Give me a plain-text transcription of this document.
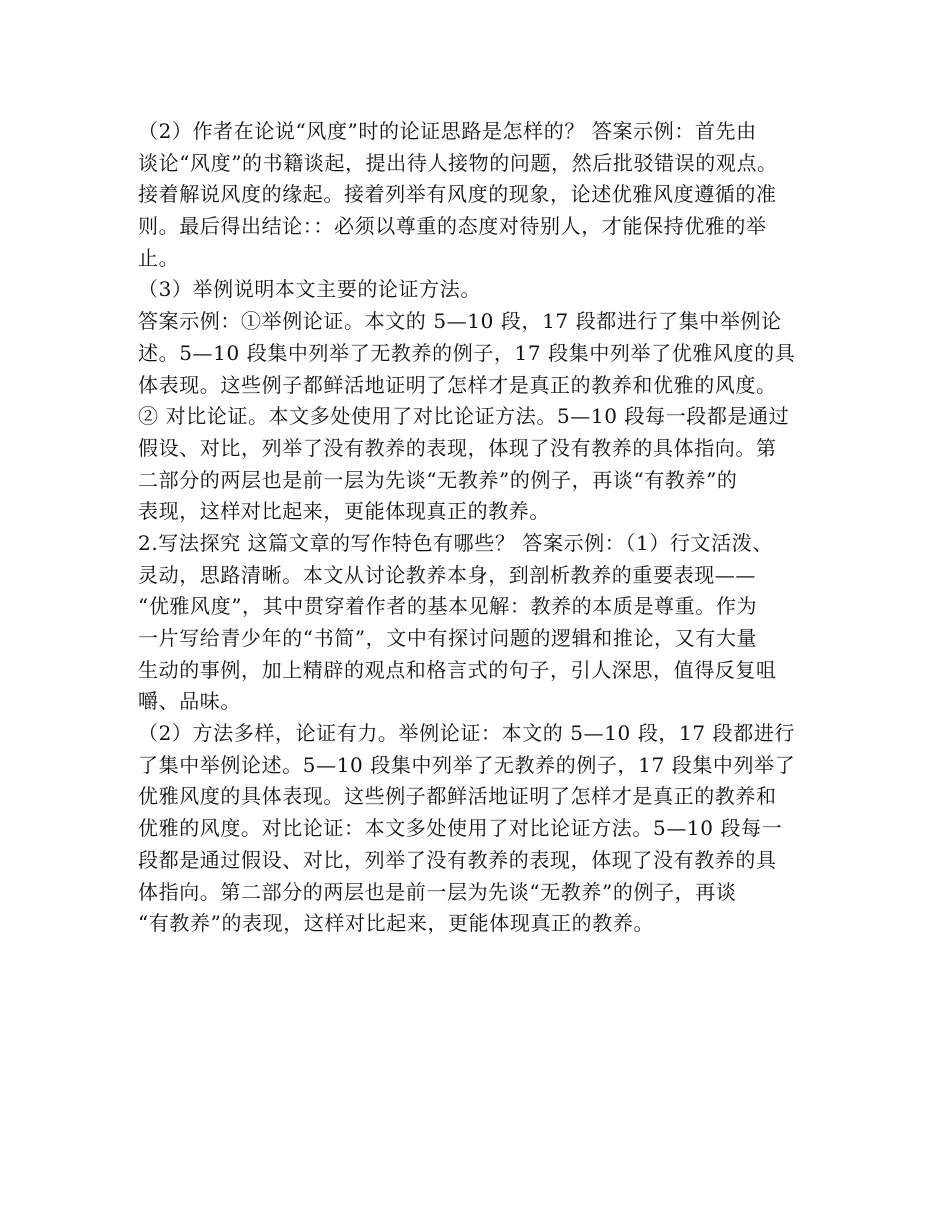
（2）作者在论说“风度”时的论证思路是怎样的？ 答案示例：首先由
谈论“风度”的书籍谈起，提出待人接物的问题，然后批驳错误的观点。
接着解说风度的缘起。接着列举有风度的现象，论述优雅风度遵循的准
则。最后得出结论：：必须以尊重的态度对待别人，才能保持优雅的举
止。
（3）举例说明本文主要的论证方法。
答案示例：①举例论证。本文的 5—10 段，17 段都进行了集中举例论
述。5—10 段集中列举了无教养的例子，17 段集中列举了优雅风度的具
体表现。这些例子都鲜活地证明了怎样才是真正的教养和优雅的风度。
② 对比论证。本文多处使用了对比论证方法。5—10 段每一段都是通过
假设、对比，列举了没有教养的表现，体现了没有教养的具体指向。第
二部分的两层也是前一层为先谈“无教养”的例子，再谈“有教养”的
表现，这样对比起来，更能体现真正的教养。
2.写法探究 这篇文章的写作特色有哪些？ 答案示例：（1）行文活泼、
灵动，思路清晰。本文从讨论教养本身，到剖析教养的重要表现——
“优雅风度”，其中贯穿着作者的基本见解：教养的本质是尊重。作为
一片写给青少年的“书简”，文中有探讨问题的逻辑和推论，又有大量
生动的事例，加上精辟的观点和格言式的句子，引人深思，值得反复咀
嚼、品味。
（2）方法多样，论证有力。举例论证：本文的 5—10 段，17 段都进行
了集中举例论述。5—10 段集中列举了无教养的例子，17 段集中列举了
优雅风度的具体表现。这些例子都鲜活地证明了怎样才是真正的教养和
优雅的风度。对比论证：本文多处使用了对比论证方法。5—10 段每一
段都是通过假设、对比，列举了没有教养的表现，体现了没有教养的具
体指向。第二部分的两层也是前一层为先谈“无教养”的例子，再谈
“有教养”的表现，这样对比起来，更能体现真正的教养。
